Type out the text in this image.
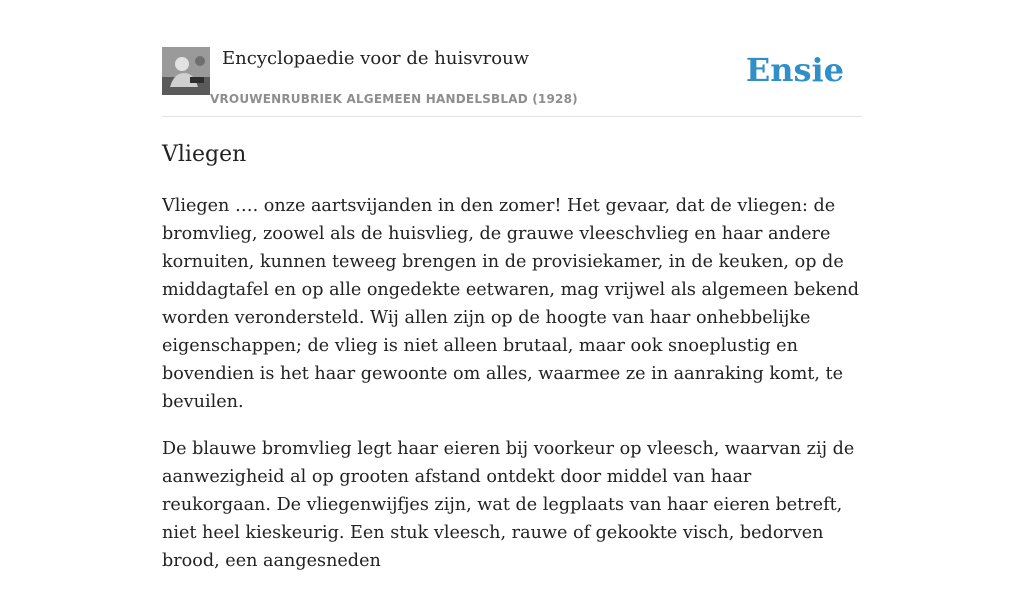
Encyclopaedie voor de huisvrouw
VROUWENRUBRIEK ALGEMEEN HANDELSBLAD (1928)
Ensie
Vliegen

Vliegen …. onze aartsvijanden in den zomer! Het gevaar, dat de vliegen: de bromvlieg, zoowel als de huisvlieg, de grauwe vleeschvlieg en haar andere kornuiten, kunnen teweeg brengen in de provisiekamer, in de keuken, op de middagtafel en op alle ongedekte eetwaren, mag vrijwel als algemeen bekend worden verondersteld. Wij allen zijn op de hoogte van haar onhebbelijke eigenschappen; de vlieg is niet alleen brutaal, maar ook snoeplustig en bovendien is het haar gewoonte om alles, waarmee ze in aanraking komt, te bevuilen.

De blauwe bromvlieg legt haar eieren bij voorkeur op vleesch, waarvan zij de aanwezigheid al op grooten afstand ontdekt door middel van haar reukorgaan. De vliegenwijfjes zijn, wat de legplaats van haar eieren betreft, niet heel kieskeurig. Een stuk vleesch, rauwe of gekookte visch, bedorven brood, een aangesneden
